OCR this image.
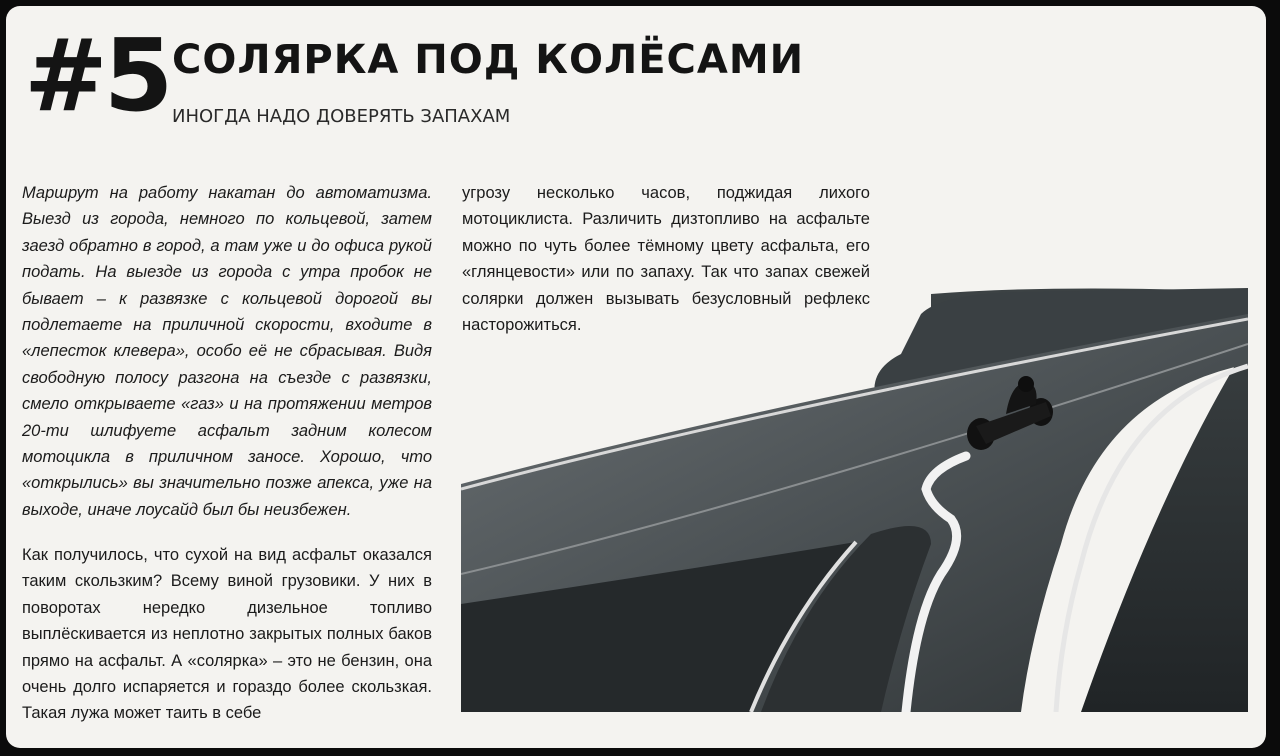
#5 СОЛЯРКА ПОД КОЛЁСАМИ
ИНОГДА НАДО ДОВЕРЯТЬ ЗАПАХАМ

Маршрут на работу накатан до автоматизма. Выезд из города, немного по кольцевой, затем заезд обратно в город, а там уже и до офиса рукой подать. На выезде из города с утра пробок не бывает – к развязке с кольцевой дорогой вы подлетаете на приличной скорости, входите в «лепесток клевера», особо её не сбрасывая. Видя свободную полосу разгона на съезде с развязки, смело открываете «газ» и на протяжении метров 20-ти шлифуете асфальт задним колесом мотоцикла в приличном заносе. Хорошо, что «открылись» вы значительно позже апекса, уже на выходе, иначе лоусайд был бы неизбежен.

Как получилось, что сухой на вид асфальт оказался таким скользким? Всему виной грузовики. У них в поворотах нередко дизельное топливо выплёскивается из неплотно закрытых полных баков прямо на асфальт. А «солярка» – это не бензин, она очень долго испаряется и гораздо более скользкая. Такая лужа может таить в себе

угрозу несколько часов, поджидая лихого мотоциклиста. Различить дизтопливо на асфальте можно по чуть более тёмному цвету асфальта, его «глянцевости» или по запаху. Так что запах свежей солярки должен вызывать безусловный рефлекс насторожиться.
